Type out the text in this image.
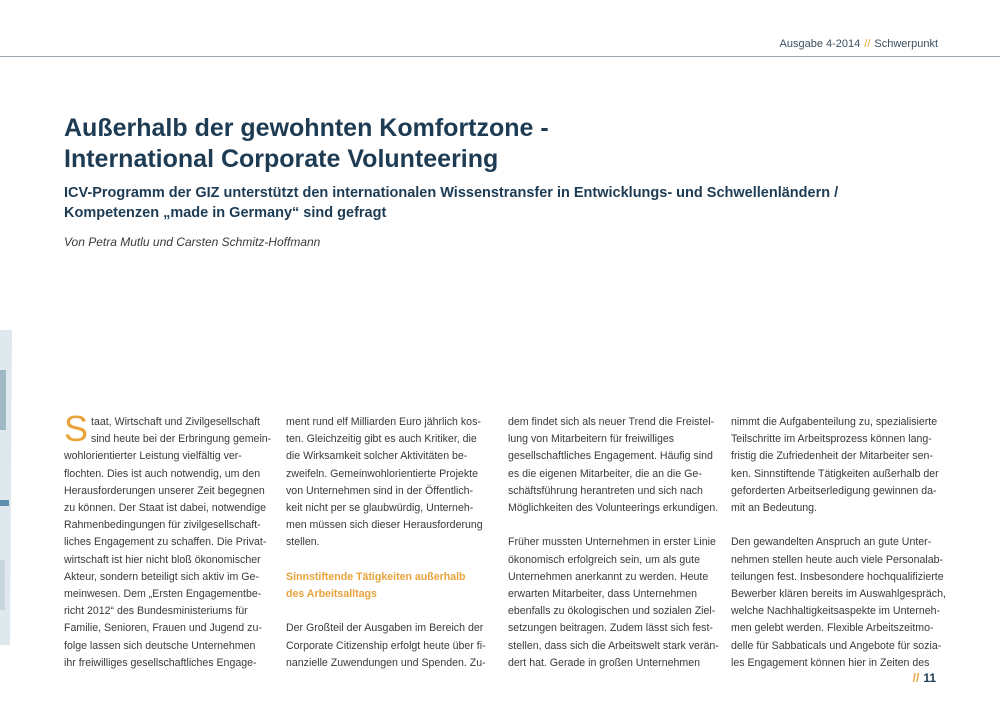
Ausgabe 4-2014 // Schwerpunkt
Außerhalb der gewohnten Komfortzone -
International Corporate Volunteering
ICV-Programm der GIZ unterstützt den internationalen Wissenstransfer in Entwicklungs- und Schwellenländern /
Kompetenzen „made in Germany“ sind gefragt
Von Petra Mutlu und Carsten Schmitz-Hoffmann
S taat, Wirtschaft und Zivilgesellschaft

sind heute bei der Erbringung gemein-

wohlorientierter Leistung vielfältig ver-

flochten. Dies ist auch notwendig, um den

Herausforderungen unserer Zeit begegnen

zu können. Der Staat ist dabei, notwendige

Rahmenbedingungen für zivilgesellschaft-

liches Engagement zu schaffen. Die Privat-

wirtschaft ist hier nicht bloß ökonomischer

Akteur, sondern beteiligt sich aktiv im Ge-

meinwesen. Dem „Ersten Engagementbe-

richt 2012“ des Bundesministeriums für

Familie, Senioren, Frauen und Jugend zu-

folge lassen sich deutsche Unternehmen

ihr freiwilliges gesellschaftliches Engage-

ment rund elf Milliarden Euro jährlich kos-

ten. Gleichzeitig gibt es auch Kritiker, die

die Wirksamkeit solcher Aktivitäten be-

zweifeln. Gemeinwohlorientierte Projekte

von Unternehmen sind in der Öffentlich-

keit nicht per se glaubwürdig, Unterneh-

men müssen sich dieser Herausforderung

stellen.

Sinnstiftende Tätigkeiten außerhalb

des Arbeitsalltags

Der Großteil der Ausgaben im Bereich der

Corporate Citizenship erfolgt heute über fi-

nanzielle Zuwendungen und Spenden. Zu-

dem findet sich als neuer Trend die Freistel-

lung von Mitarbeitern für freiwilliges

gesellschaftliches Engagement. Häufig sind

es die eigenen Mitarbeiter, die an die Ge-

schäftsführung herantreten und sich nach

Möglichkeiten des Volunteerings erkundigen.

Früher mussten Unternehmen in erster Linie

ökonomisch erfolgreich sein, um als gute

Unternehmen anerkannt zu werden. Heute

erwarten Mitarbeiter, dass Unternehmen

ebenfalls zu ökologischen und sozialen Ziel-

setzungen beitragen. Zudem lässt sich fest-

stellen, dass sich die Arbeitswelt stark verän-

dert hat. Gerade in großen Unternehmen

nimmt die Aufgabenteilung zu, spezialisierte

Teilschritte im Arbeitsprozess können lang-

fristig die Zufriedenheit der Mitarbeiter sen-

ken. Sinnstiftende Tätigkeiten außerhalb der

geforderten Arbeitserledigung gewinnen da-

mit an Bedeutung.

Den gewandelten Anspruch an gute Unter-

nehmen stellen heute auch viele Personalab-

teilungen fest. Insbesondere hochqualifizierte

Bewerber klären bereits im Auswahlgespräch,

welche Nachhaltigkeitsaspekte im Unterneh-

men gelebt werden. Flexible Arbeitszeitmo-

delle für Sabbaticals und Angebote für sozia-

les Engagement können hier in Zeiten des

// 11
